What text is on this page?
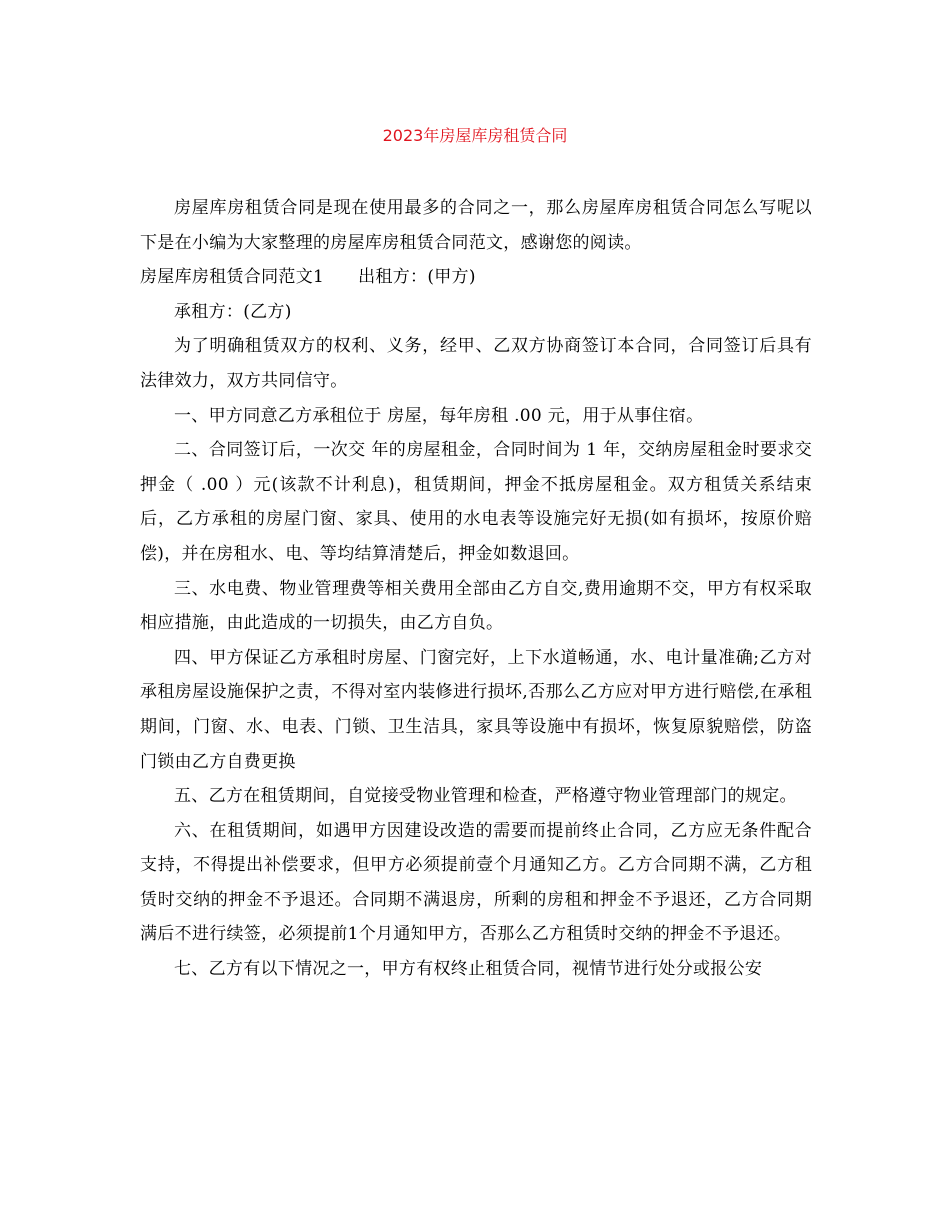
2023年房屋库房租赁合同

房屋库房租赁合同是现在使用最多的合同之一，那么房屋库房租赁合同怎么写呢以下是在小编为大家整理的房屋库房租赁合同范文，感谢您的阅读。

房屋库房租赁合同范文1 出租方：(甲方)

承租方：(乙方)

为了明确租赁双方的权利、义务，经甲、乙双方协商签订本合同，合同签订后具有法律效力，双方共同信守。

一、甲方同意乙方承租位于 房屋，每年房租 .00 元，用于从事住宿。

二、合同签订后，一次交 年的房屋租金，合同时间为 1 年，交纳房屋租金时要求交押金（ .00 ）元(该款不计利息)，租赁期间，押金不抵房屋租金。双方租赁关系结束后，乙方承租的房屋门窗、家具、使用的水电表等设施完好无损(如有损坏，按原价赔偿)，并在房租水、电、等均结算清楚后，押金如数退回。

三、水电费、物业管理费等相关费用全部由乙方自交,费用逾期不交，甲方有权采取相应措施，由此造成的一切损失，由乙方自负。

四、甲方保证乙方承租时房屋、门窗完好，上下水道畅通，水、电计量准确;乙方对承租房屋设施保护之责，不得对室内装修进行损坏,否那么乙方应对甲方进行赔偿,在承租期间，门窗、水、电表、门锁、卫生洁具，家具等设施中有损坏，恢复原貌赔偿，防盗门锁由乙方自费更换

五、乙方在租赁期间，自觉接受物业管理和检查，严格遵守物业管理部门的规定。

六、在租赁期间，如遇甲方因建设改造的需要而提前终止合同，乙方应无条件配合支持，不得提出补偿要求，但甲方必须提前壹个月通知乙方。乙方合同期不满，乙方租赁时交纳的押金不予退还。合同期不满退房，所剩的房租和押金不予退还，乙方合同期满后不进行续签，必须提前1个月通知甲方，否那么乙方租赁时交纳的押金不予退还。

七、乙方有以下情况之一，甲方有权终止租赁合同，视情节进行处分或报公安
